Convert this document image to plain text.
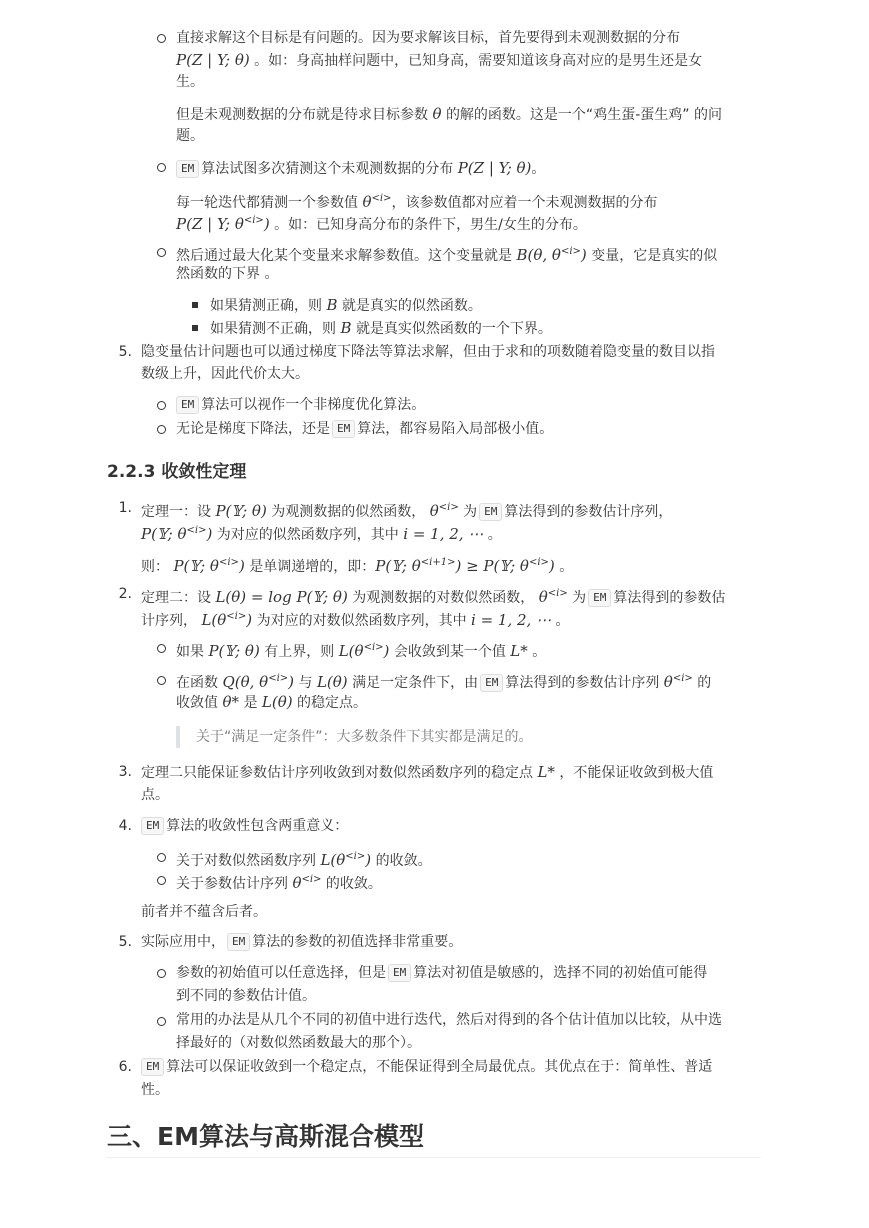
直接求解这个目标是有问题的。因为要求解该目标，首先要得到未观测数据的分布
P(Z | Y; θ) 。如：身高抽样问题中，已知身高，需要知道该身高对应的是男生还是女
生。
但是未观测数据的分布就是待求目标参数 θ 的解的函数。这是一个“鸡生蛋-蛋生鸡” 的问
题。
EM 算法试图多次猜测这个未观测数据的分布 P(Z | Y; θ)。
每一轮迭代都猜测一个参数值 $\theta^{<i>}$，该参数值都对应着一个未观测数据的分布
P(Z | Y; $\theta^{<i>}$) 。如：已知身高分布的条件下，男生/女生的分布。
然后通过最大化某个变量来求解参数值。这个变量就是 B(θ, $\theta^{<i>}$) 变量，它是真实的似
然函数的下界 。
如果猜测正确，则 B 就是真实的似然函数。
如果猜测不正确，则 B 就是真实似然函数的一个下界。
5. 隐变量估计问题也可以通过梯度下降法等算法求解，但由于求和的项数随着隐变量的数目以指
数级上升，因此代价太大。
EM 算法可以视作一个非梯度优化算法。
无论是梯度下降法，还是 EM 算法，都容易陷入局部极小值。
2.2.3 收敛性定理
1. 定理一：设 P(𝕐; θ) 为观测数据的似然函数， $\theta^{<i>}$ 为 EM 算法得到的参数估计序列，
P(𝕐; $\theta^{<i>}$) 为对应的似然函数序列，其中 i = 1, 2, ⋯ 。
则： P(𝕐; $\theta^{<i>}$) 是单调递增的，即：P(𝕐; $\theta^{<i+1>}$) ≥ P(𝕐; $\theta^{<i>}$) 。
2. 定理二：设 L(θ) = log P(𝕐; θ) 为观测数据的对数似然函数， $\theta^{<i>}$ 为 EM 算法得到的参数估
计序列， $L(\theta^{<i>})$ 为对应的对数似然函数序列，其中 i = 1, 2, ⋯ 。
如果 P(𝕐; θ) 有上界，则 $L(\theta^{<i>})$ 会收敛到某一个值 L* 。
在函数 Q(θ, $\theta^{<i>}$) 与 L(θ) 满足一定条件下，由 EM 算法得到的参数估计序列 $\theta^{<i>}$ 的
收敛值 θ* 是 L(θ) 的稳定点。
关于“满足一定条件”：大多数条件下其实都是满足的。
3. 定理二只能保证参数估计序列收敛到对数似然函数序列的稳定点 L* ，不能保证收敛到极大值
点。
4.	EM 算法的收敛性包含两重意义：
关于对数似然函数序列 $L(\theta^{<i>})$ 的收敛。
关于参数估计序列 $\theta^{<i>}$ 的收敛。
前者并不蕴含后者。
5. 实际应用中， EM 算法的参数的初值选择非常重要。
参数的初始值可以任意选择，但是 EM 算法对初值是敏感的，选择不同的初始值可能得
到不同的参数估计值。
常用的办法是从几个不同的初值中进行迭代，然后对得到的各个估计值加以比较，从中选
择最好的（对数似然函数最大的那个）。
6.	EM 算法可以保证收敛到一个稳定点，不能保证得到全局最优点。其优点在于：简单性、普适
性。
三、EM算法与高斯混合模型
